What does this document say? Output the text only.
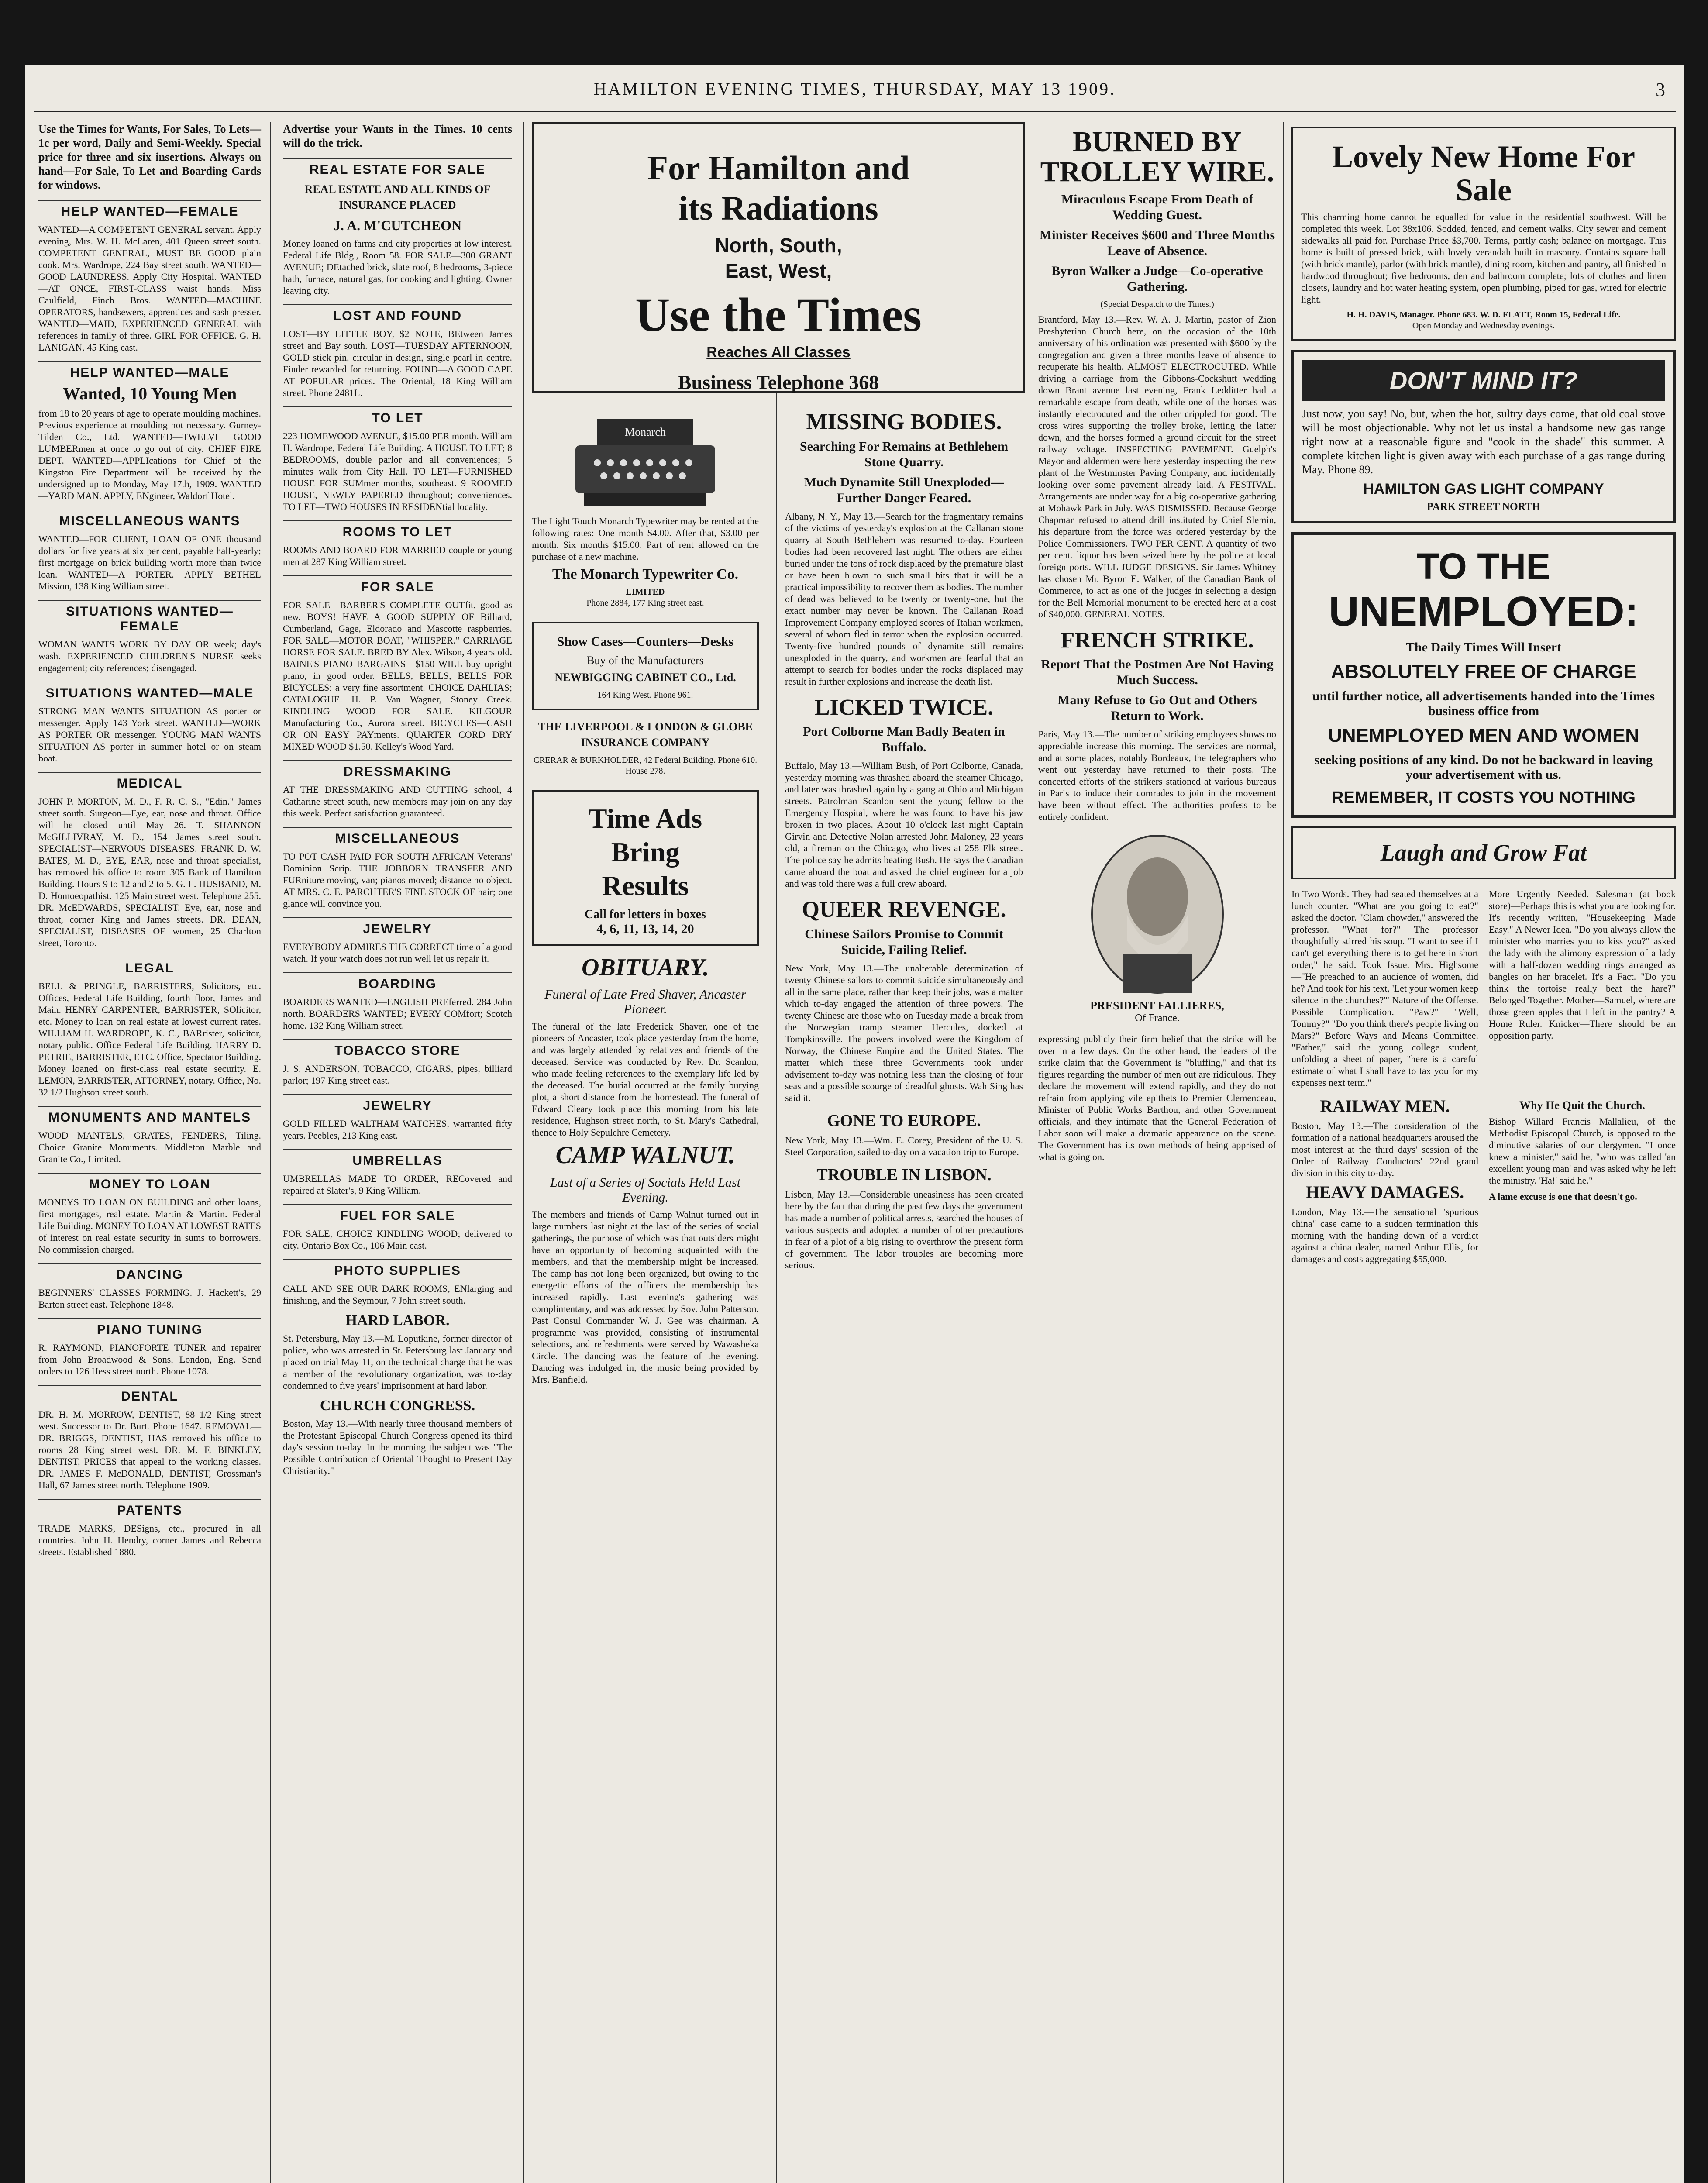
HAMILTON EVENING TIMES, THURSDAY, MAY 13 1909.	3

Use the Times for Wants, For Sales, To Lets—1c per word, Daily and Semi-Weekly. Special price for three and six insertions. Always on hand—For Sale, To Let and Boarding Cards for windows.

HELP WANTED—FEMALE

WANTED—A COMPETENT GENERAL servant. Apply evening, Mrs. W. H. McLaren, 401 Queen street south. COMPETENT GENERAL, MUST BE GOOD plain cook. Mrs. Wardrope, 224 Bay street south. WANTED—GOOD LAUNDRESS. Apply City Hospital. WANTED—AT ONCE, FIRST-CLASS waist hands. Miss Caulfield, Finch Bros. WANTED—MACHINE OPERATORS, handsewers, apprentices and sash presser. WANTED—MAID, EXPERIENCED GENERAL with references in family of three. GIRL FOR OFFICE. G. H. LANIGAN, 45 King east.

HELP WANTED—MALE
Wanted, 10 Young Men

from 18 to 20 years of age to operate moulding machines. Previous experience at moulding not necessary. Gurney-Tilden Co., Ltd. WANTED—TWELVE GOOD LUMBERmen at once to go out of city. CHIEF FIRE DEPT. WANTED—APPLIcations for Chief of the Kingston Fire Department will be received by the undersigned up to Monday, May 17th, 1909. WANTED—YARD MAN. APPLY, ENgineer, Waldorf Hotel.

MISCELLANEOUS WANTS

WANTED—FOR CLIENT, LOAN OF ONE thousand dollars for five years at six per cent, payable half-yearly; first mortgage on brick building worth more than twice loan. WANTED—A PORTER. APPLY BETHEL Mission, 138 King William street.

SITUATIONS WANTED—FEMALE

WOMAN WANTS WORK BY DAY OR week; day's wash. EXPERIENCED CHILDREN'S NURSE seeks engagement; city references; disengaged.

SITUATIONS WANTED—MALE

STRONG MAN WANTS SITUATION AS porter or messenger. Apply 143 York street. WANTED—WORK AS PORTER OR messenger. YOUNG MAN WANTS SITUATION AS porter in summer hotel or on steam boat.

MEDICAL

JOHN P. MORTON, M. D., F. R. C. S., "Edin." James street south. Surgeon—Eye, ear, nose and throat. Office will be closed until May 26. T. SHANNON McGILLIVRAY, M. D., 154 James street south. SPECIALIST—NERVOUS DISEASES. FRANK D. W. BATES, M. D., EYE, EAR, nose and throat specialist, has removed his office to room 305 Bank of Hamilton Building. Hours 9 to 12 and 2 to 5. G. E. HUSBAND, M. D. Homoeopathist. 125 Main street west. Telephone 255. DR. McEDWARDS, SPECIALIST. Eye, ear, nose and throat, corner King and James streets. DR. DEAN, SPECIALIST, DISEASES OF women, 25 Charlton street, Toronto.

LEGAL

BELL & PRINGLE, BARRISTERS, Solicitors, etc. Offices, Federal Life Building, fourth floor, James and Main. HENRY CARPENTER, BARRISTER, SOlicitor, etc. Money to loan on real estate at lowest current rates. WILLIAM H. WARDROPE, K. C., BARrister, solicitor, notary public. Office Federal Life Building. HARRY D. PETRIE, BARRISTER, ETC. Office, Spectator Building. Money loaned on first-class real estate security. E. LEMON, BARRISTER, ATTORNEY, notary. Office, No. 32 1/2 Hughson street south.

MONUMENTS AND MANTELS

WOOD MANTELS, GRATES, FENDERS, Tiling. Choice Granite Monuments. Middleton Marble and Granite Co., Limited.

MONEY TO LOAN

MONEYS TO LOAN ON BUILDING and other loans, first mortgages, real estate. Martin & Martin. Federal Life Building. MONEY TO LOAN AT LOWEST RATES of interest on real estate security in sums to borrowers. No commission charged.

DANCING

BEGINNERS' CLASSES FORMING. J. Hackett's, 29 Barton street east. Telephone 1848.

PIANO TUNING

R. RAYMOND, PIANOFORTE TUNER and repairer from John Broadwood & Sons, London, Eng. Send orders to 126 Hess street north. Phone 1078.

DENTAL

DR. H. M. MORROW, DENTIST, 88 1/2 King street west. Successor to Dr. Burt. Phone 1647. REMOVAL—DR. BRIGGS, DENTIST, HAS removed his office to rooms 28 King street west. DR. M. F. BINKLEY, DENTIST, PRICES that appeal to the working classes. DR. JAMES F. McDONALD, DENTIST, Grossman's Hall, 67 James street north. Telephone 1909.

PATENTS

TRADE MARKS, DESigns, etc., procured in all countries. John H. Hendry, corner James and Rebecca streets. Established 1880.

Advertise your Wants in the Times. 10 cents will do the trick.

REAL ESTATE FOR SALE
REAL ESTATE AND ALL KINDS OF INSURANCE PLACED
J. A. M'CUTCHEON

Money loaned on farms and city properties at low interest. Federal Life Bldg., Room 58. FOR SALE—300 GRANT AVENUE; DEtached brick, slate roof, 8 bedrooms, 3-piece bath, furnace, natural gas, for cooking and lighting. Owner leaving city.

LOST AND FOUND

LOST—BY LITTLE BOY, $2 NOTE, BEtween James street and Bay south. LOST—TUESDAY AFTERNOON, GOLD stick pin, circular in design, single pearl in centre. Finder rewarded for returning. FOUND—A GOOD CAPE AT POPULAR prices. The Oriental, 18 King William street. Phone 2481L.

TO LET

223 HOMEWOOD AVENUE, $15.00 PER month. William H. Wardrope, Federal Life Building. A HOUSE TO LET; 8 BEDROOMS, double parlor and all conveniences; 5 minutes walk from City Hall. TO LET—FURNISHED HOUSE FOR SUMmer months, southeast. 9 ROOMED HOUSE, NEWLY PAPERED throughout; conveniences. TO LET—TWO HOUSES IN RESIDENtial locality.

ROOMS TO LET

ROOMS AND BOARD FOR MARRIED couple or young men at 287 King William street.

FOR SALE

FOR SALE—BARBER'S COMPLETE OUTfit, good as new. BOYS! HAVE A GOOD SUPPLY OF Billiard, Cumberland, Gage, Eldorado and Mascotte raspberries. FOR SALE—MOTOR BOAT, "WHISPER." CARRIAGE HORSE FOR SALE. BRED BY Alex. Wilson, 4 years old. BAINE'S PIANO BARGAINS—$150 WILL buy upright piano, in good order. BELLS, BELLS, BELLS FOR BICYCLES; a very fine assortment. CHOICE DAHLIAS; CATALOGUE. H. P. Van Wagner, Stoney Creek. KINDLING WOOD FOR SALE. KILGOUR Manufacturing Co., Aurora street. BICYCLES—CASH OR ON EASY PAYments. QUARTER CORD DRY MIXED WOOD $1.50. Kelley's Wood Yard.

DRESSMAKING

AT THE DRESSMAKING AND CUTTING school, 4 Catharine street south, new members may join on any day this week. Perfect satisfaction guaranteed.

MISCELLANEOUS

TO POT CASH PAID FOR SOUTH AFRICAN Veterans' Dominion Scrip. THE JOBBORN TRANSFER AND FURniture moving, van; pianos moved; distance no object. AT MRS. C. E. PARCHTER'S FINE STOCK OF hair; one glance will convince you.

JEWELRY

EVERYBODY ADMIRES THE CORRECT time of a good watch. If your watch does not run well let us repair it.

BOARDING

BOARDERS WANTED—ENGLISH PREferred. 284 John north. BOARDERS WANTED; EVERY COMfort; Scotch home. 132 King William street.

TOBACCO STORE

J. S. ANDERSON, TOBACCO, CIGARS, pipes, billiard parlor; 197 King street east.

JEWELRY

GOLD FILLED WALTHAM WATCHES, warranted fifty years. Peebles, 213 King east.

UMBRELLAS

UMBRELLAS MADE TO ORDER, RECovered and repaired at Slater's, 9 King William.

FUEL FOR SALE

FOR SALE, CHOICE KINDLING WOOD; delivered to city. Ontario Box Co., 106 Main east.

PHOTO SUPPLIES

CALL AND SEE OUR DARK ROOMS, ENlarging and finishing, and the Seymour, 7 John street south.

HARD LABOR.

St. Petersburg, May 13.—M. Loputkine, former director of police, who was arrested in St. Petersburg last January and placed on trial May 11, on the technical charge that he was a member of the revolutionary organization, was to-day condemned to five years' imprisonment at hard labor.

CHURCH CONGRESS.

Boston, May 13.—With nearly three thousand members of the Protestant Episcopal Church Congress opened its third day's session to-day. In the morning the subject was "The Possible Contribution of Oriental Thought to Present Day Christianity."

For Hamilton and
its Radiations
North, South,
East, West,
Use the Times
Reaches All Classes
Business Telephone 368
Monarch

The Light Touch Monarch Typewriter may be rented at the following rates: One month $4.00. After that, $3.00 per month. Six months $15.00. Part of rent allowed on the purchase of a new machine.

The Monarch Typewriter Co.
LIMITED
Phone 2884, 177 King street east.
Show Cases—Counters—Desks
Buy of the Manufacturers
NEWBIGGING CABINET CO., Ltd.
164 King West. Phone 961.
THE LIVERPOOL & LONDON & GLOBE INSURANCE COMPANY
CRERAR & BURKHOLDER, 42 Federal Building. Phone 610. House 278.
Time Ads
Bring
Results
Call for letters in boxes
4, 6, 11, 13, 14, 20
OBITUARY.
Funeral of Late Fred Shaver, Ancaster Pioneer.

The funeral of the late Frederick Shaver, one of the pioneers of Ancaster, took place yesterday from the home, and was largely attended by relatives and friends of the deceased. Service was conducted by Rev. Dr. Scanlon, who made feeling references to the exemplary life led by the deceased. The burial occurred at the family burying plot, a short distance from the homestead. The funeral of Edward Cleary took place this morning from his late residence, Hughson street north, to St. Mary's Cathedral, thence to Holy Sepulchre Cemetery.

CAMP WALNUT.
Last of a Series of Socials Held Last Evening.

The members and friends of Camp Walnut turned out in large numbers last night at the last of the series of social gatherings, the purpose of which was that outsiders might have an opportunity of becoming acquainted with the members, and that the membership might be increased. The camp has not long been organized, but owing to the energetic efforts of the officers the membership has increased rapidly. Last evening's gathering was complimentary, and was addressed by Sov. John Patterson. Past Consul Commander W. J. Gee was chairman. A programme was provided, consisting of instrumental selections, and refreshments were served by Wawasheka Circle. The dancing was the feature of the evening. Dancing was indulged in, the music being provided by Mrs. Banfield.

MISSING BODIES.
Searching For Remains at Bethlehem Stone Quarry.
Much Dynamite Still Unexploded—Further Danger Feared.

Albany, N. Y., May 13.—Search for the fragmentary remains of the victims of yesterday's explosion at the Callanan stone quarry at South Bethlehem was resumed to-day. Fourteen bodies had been recovered last night. The others are either buried under the tons of rock displaced by the premature blast or have been blown to such small bits that it will be a practical impossibility to recover them as bodies. The number of dead was believed to be twenty or twenty-one, but the exact number may never be known. The Callanan Road Improvement Company employed scores of Italian workmen, several of whom fled in terror when the explosion occurred. Twenty-five hundred pounds of dynamite still remains unexploded in the quarry, and workmen are fearful that an attempt to search for bodies under the rocks displaced may result in further explosions and increase the death list.

LICKED TWICE.
Port Colborne Man Badly Beaten in Buffalo.

Buffalo, May 13.—William Bush, of Port Colborne, Canada, yesterday morning was thrashed aboard the steamer Chicago, and later was thrashed again by a gang at Ohio and Michigan streets. Patrolman Scanlon sent the young fellow to the Emergency Hospital, where he was found to have his jaw broken in two places. About 10 o'clock last night Captain Girvin and Detective Nolan arrested John Maloney, 23 years old, a fireman on the Chicago, who lives at 258 Elk street. The police say he admits beating Bush. He says the Canadian came aboard the boat and asked the chief engineer for a job and was told there was a full crew aboard.

QUEER REVENGE.
Chinese Sailors Promise to Commit Suicide, Failing Relief.

New York, May 13.—The unalterable determination of twenty Chinese sailors to commit suicide simultaneously and all in the same place, rather than keep their jobs, was a matter which to-day engaged the attention of three powers. The twenty Chinese are those who on Tuesday made a break from the Norwegian tramp steamer Hercules, docked at Tompkinsville. The powers involved were the Kingdom of Norway, the Chinese Empire and the United States. The matter which these three Governments took under advisement to-day was nothing less than the closing of four seas and a possible scourge of dreadful ghosts. Wah Sing has said it.

GONE TO EUROPE.

New York, May 13.—Wm. E. Corey, President of the U. S. Steel Corporation, sailed to-day on a vacation trip to Europe.

TROUBLE IN LISBON.

Lisbon, May 13.—Considerable uneasiness has been created here by the fact that during the past few days the government has made a number of political arrests, searched the houses of various suspects and adopted a number of other precautions in fear of a plot of a big rising to overthrow the present form of government. The labor troubles are becoming more serious.

BURNED BY TROLLEY WIRE.
Miraculous Escape From Death of Wedding Guest.
Minister Receives $600 and Three Months Leave of Absence.
Byron Walker a Judge—Co-operative Gathering.
(Special Despatch to the Times.)

Brantford, May 13.—Rev. W. A. J. Martin, pastor of Zion Presbyterian Church here, on the occasion of the 10th anniversary of his ordination was presented with $600 by the congregation and given a three months leave of absence to recuperate his health. ALMOST ELECTROCUTED. While driving a carriage from the Gibbons-Cockshutt wedding down Brant avenue last evening, Frank Ledditter had a remarkable escape from death, while one of the horses was instantly electrocuted and the other crippled for good. The cross wires supporting the trolley broke, letting the latter down, and the horses formed a ground circuit for the street railway voltage. INSPECTING PAVEMENT. Guelph's Mayor and aldermen were here yesterday inspecting the new plant of the Westminster Paving Company, and incidentally looking over some pavement already laid. A FESTIVAL. Arrangements are under way for a big co-operative gathering at Mohawk Park in July. WAS DISMISSED. Because George Chapman refused to attend drill instituted by Chief Slemin, his departure from the force was ordered yesterday by the Police Commissioners. TWO PER CENT. A quantity of two per cent. liquor has been seized here by the police at local foreign ports. WILL JUDGE DESIGNS. Sir James Whitney has chosen Mr. Byron E. Walker, of the Canadian Bank of Commerce, to act as one of the judges in selecting a design for the Bell Memorial monument to be erected here at a cost of $40,000. GENERAL NOTES.

FRENCH STRIKE.
Report That the Postmen Are Not Having Much Success.
Many Refuse to Go Out and Others Return to Work.

Paris, May 13.—The number of striking employees shows no appreciable increase this morning. The services are normal, and at some places, notably Bordeaux, the telegraphers who went out yesterday have returned to their posts. The concerted efforts of the strikers stationed at various bureaus in Paris to induce their comrades to join in the movement have been without effect. The authorities profess to be entirely confident.

PRESIDENT FALLIERES,
Of France.

expressing publicly their firm belief that the strike will be over in a few days. On the other hand, the leaders of the strike claim that the Government is "bluffing," and that its figures regarding the number of men out are ridiculous. They declare the movement will extend rapidly, and they do not refrain from applying vile epithets to Premier Clemenceau, Minister of Public Works Barthou, and other Government officials, and they intimate that the General Federation of Labor soon will make a dramatic appearance on the scene. The Government has its own methods of being apprised of what is going on.

Lovely New Home For Sale

This charming home cannot be equalled for value in the residential southwest. Will be completed this week. Lot 38x106. Sodded, fenced, and cement walks. City sewer and cement sidewalks all paid for. Purchase Price $3,700. Terms, partly cash; balance on mortgage. This home is built of pressed brick, with lovely verandah built in masonry. Contains square hall (with brick mantle), parlor (with brick mantle), dining room, kitchen and pantry, all finished in hardwood throughout; five bedrooms, den and bathroom complete; lots of clothes and linen closets, laundry and hot water heating system, open plumbing, piped for gas, wired for electric light.

H. H. DAVIS, Manager. Phone 683. W. D. FLATT, Room 15, Federal Life.
Open Monday and Wednesday evenings.
DON'T MIND IT?

Just now, you say! No, but, when the hot, sultry days come, that old coal stove will be most objectionable. Why not let us instal a handsome new gas range right now at a reasonable figure and "cook in the shade" this summer. A complete kitchen light is given away with each purchase of a gas range during May. Phone 89.

HAMILTON GAS LIGHT COMPANY
PARK STREET NORTH
TO THE
UNEMPLOYED:
The Daily Times Will Insert
ABSOLUTELY FREE OF CHARGE
until further notice, all advertisements handed into the Times business office from
UNEMPLOYED MEN AND WOMEN
seeking positions of any kind. Do not be backward in leaving your advertisement with us.
REMEMBER, IT COSTS YOU NOTHING
Laugh and Grow Fat

In Two Words. They had seated themselves at a lunch counter. "What are you going to eat?" asked the doctor. "Clam chowder," answered the professor. "What for?" The professor thoughtfully stirred his soup. "I want to see if I can't get everything there is to get here in short order," he said. Took Issue. Mrs. Highsome—"He preached to an audience of women, did he? And took for his text, 'Let your women keep silence in the churches?'" Nature of the Offense. Possible Complication. "Paw?" "Well, Tommy?" "Do you think there's people living on Mars?" Before Ways and Means Committee. "Father," said the young college student, unfolding a sheet of paper, "here is a careful estimate of what I shall have to tax you for my expenses next term."

More Urgently Needed. Salesman (at book store)—Perhaps this is what you are looking for. It's recently written, "Housekeeping Made Easy." A Newer Idea. "Do you always allow the minister who marries you to kiss you?" asked the lady with the alimony expression of a lady with a half-dozen wedding rings arranged as bangles on her bracelet. It's a Fact. "Do you think the tortoise really beat the hare?" Belonged Together. Mother—Samuel, where are those green apples that I left in the pantry? A Home Ruler. Knicker—There should be an opposition party.

RAILWAY MEN.

Boston, May 13.—The consideration of the formation of a national headquarters aroused the most interest at the third days' session of the Order of Railway Conductors' 22nd grand division in this city to-day.

HEAVY DAMAGES.

London, May 13.—The sensational "spurious china" case came to a sudden termination this morning with the handing down of a verdict against a china dealer, named Arthur Ellis, for damages and costs aggregating $55,000.

Why He Quit the Church.

Bishop Willard Francis Mallalieu, of the Methodist Episcopal Church, is opposed to the diminutive salaries of our clergymen. "I once knew a minister," said he, "who was called 'an excellent young man' and was asked why he left the ministry. 'Ha!' said he."

A lame excuse is one that doesn't go.
